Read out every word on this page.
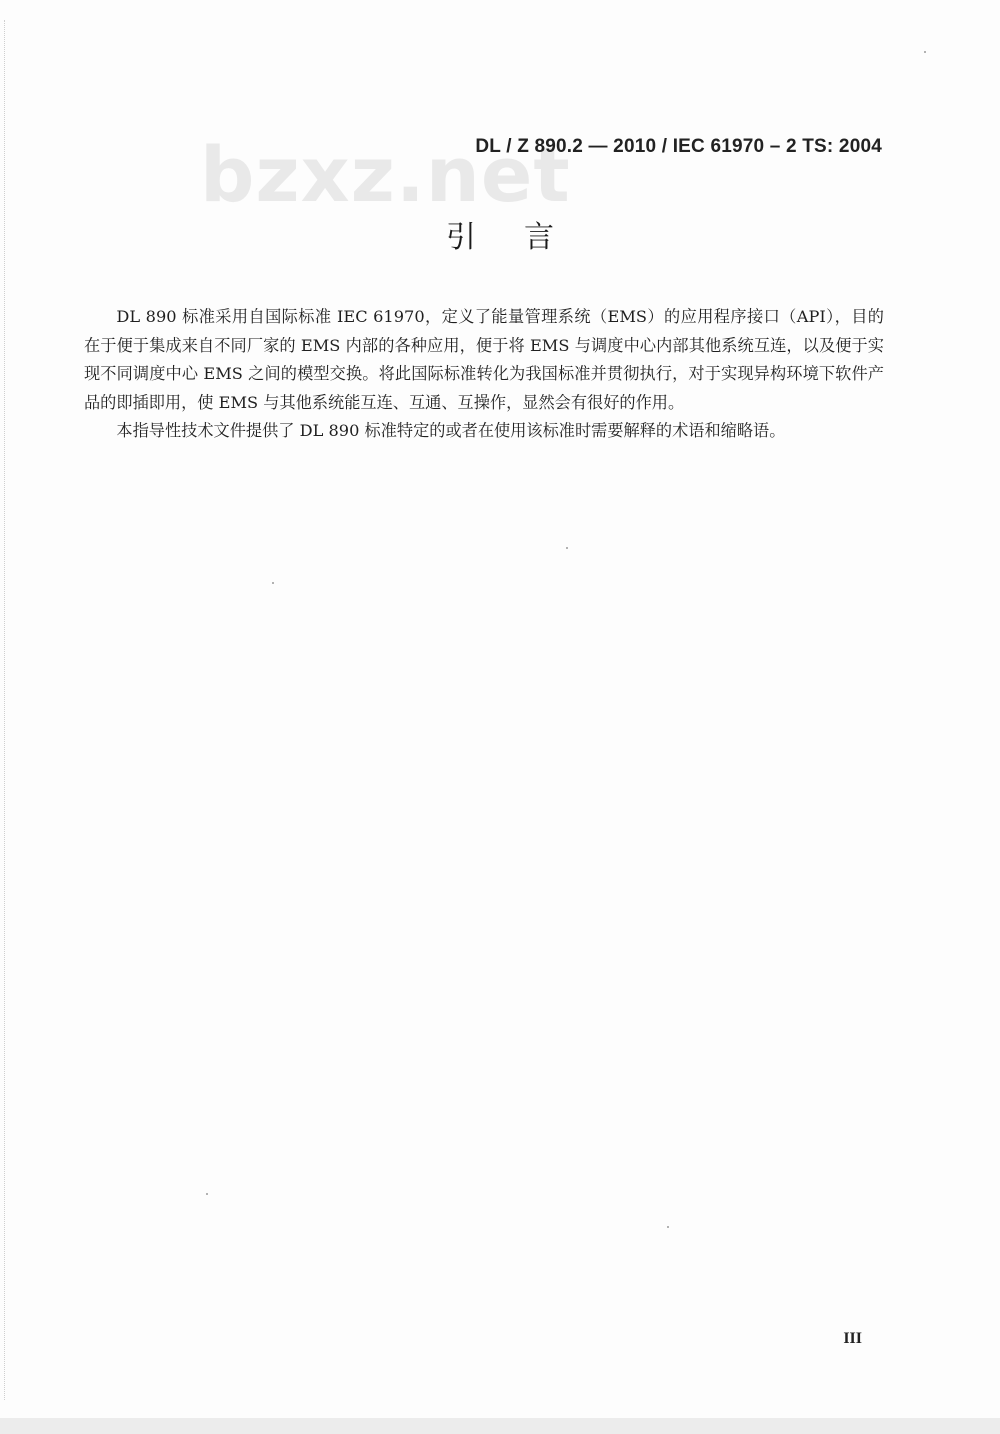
bzxz.net
DL / Z 890.2 — 2010 / IEC 61970 – 2 TS: 2004
引言

DL 890 标准采用自国际标准 IEC 61970，定义了能量管理系统（EMS）的应用程序接口（API），目的在于便于集成来自不同厂家的 EMS 内部的各种应用，便于将 EMS 与调度中心内部其他系统互连，以及便于实现不同调度中心 EMS 之间的模型交换。将此国际标准转化为我国标准并贯彻执行，对于实现异构环境下软件产品的即插即用，使 EMS 与其他系统能互连、互通、互操作，显然会有很好的作用。

本指导性技术文件提供了 DL 890 标准特定的或者在使用该标准时需要解释的术语和缩略语。

III
